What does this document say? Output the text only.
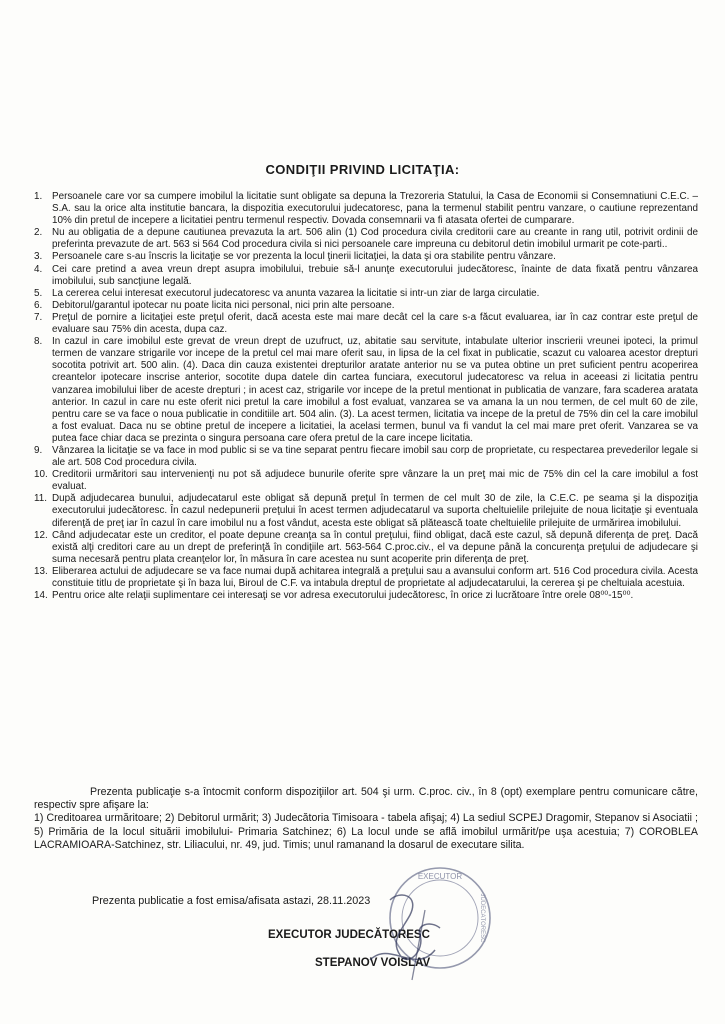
CONDIŢII PRIVIND LICITAŢIA:
1. Persoanele care vor sa cumpere imobilul la licitatie sunt obligate sa depuna la Trezoreria Statului, la Casa de Economii si Consemnatiuni C.E.C. – S.A. sau la orice alta institutie bancara, la dispozitia executorului judecatoresc, pana la termenul stabilit pentru vanzare, o cautiune reprezentand 10% din pretul de incepere a licitatiei pentru termenul respectiv. Dovada consemnarii va fi atasata ofertei de cumparare.
2. Nu au obligatia de a depune cautiunea prevazuta la art. 506 alin (1) Cod procedura civila creditorii care au creante in rang util, potrivit ordinii de preferinta prevazute de art. 563 si 564 Cod procedura civila si nici persoanele care impreuna cu debitorul detin imobilul urmarit pe cote-parti..
3. Persoanele care s-au înscris la licitaţie se vor prezenta la locul ţinerii licitaţiei, la data şi ora stabilite pentru vânzare.
4. Cei care pretind a avea vreun drept asupra imobilului, trebuie să-l anunţe executorului judecătoresc, înainte de data fixată pentru vânzarea imobilului, sub sancţiune legală.
5. La cererea celui interesat executorul judecatoresc va anunta vazarea la licitatie si intr-un ziar de larga circulatie.
6. Debitorul/garantul ipotecar nu poate licita nici personal, nici prin alte persoane.
7. Preţul de pornire a licitaţiei este preţul oferit, dacă acesta este mai mare decât cel la care s-a făcut evaluarea, iar în caz contrar este preţul de evaluare sau 75% din acesta, dupa caz.
8. In cazul in care imobilul este grevat de vreun drept de uzufruct, uz, abitatie sau servitute, intabulate ulterior inscrierii vreunei ipoteci, la primul termen de vanzare strigarile vor incepe de la pretul cel mai mare oferit sau, in lipsa de la cel fixat in publicatie, scazut cu valoarea acestor drepturi socotita potrivit art. 500 alin. (4). Daca din cauza existentei drepturilor aratate anterior nu se va putea obtine un pret suficient pentru acoperirea creantelor ipotecare inscrise anterior, socotite dupa datele din cartea funciara, executorul judecatoresc va relua in aceeasi zi licitatia pentru vanzarea imobilului liber de aceste drepturi ; in acest caz, strigarile vor incepe de la pretul mentionat in publicatia de vanzare, fara scaderea aratata anterior. In cazul in care nu este oferit nici pretul la care imobilul a fost evaluat, vanzarea se va amana la un nou termen, de cel mult 60 de zile, pentru care se va face o noua publicatie in conditiile art. 504 alin. (3). La acest termen, licitatia va incepe de la pretul de 75% din cel la care imobilul a fost evaluat. Daca nu se obtine pretul de incepere a licitatiei, la acelasi termen, bunul va fi vandut la cel mai mare pret oferit. Vanzarea se va putea face chiar daca se prezinta o singura persoana care ofera pretul de la care incepe licitatia.
9. Vânzarea la licitaţie se va face in mod public si se va tine separat pentru fiecare imobil sau corp de proprietate, cu respectarea prevederilor legale si ale art. 508 Cod procedura civila.
10. Creditorii urmăritori sau intervenienţi nu pot să adjudece bunurile oferite spre vânzare la un preţ mai mic de 75% din cel la care imobilul a fost evaluat.
11. După adjudecarea bunului, adjudecatarul este obligat să depună preţul în termen de cel mult 30 de zile, la C.E.C. pe seama şi la dispoziţia executorului judecătoresc. În cazul nedepunerii preţului în acest termen adjudecatarul va suporta cheltuielile prilejuite de noua licitaţie şi eventuala diferenţă de preţ iar în cazul în care imobilul nu a fost vândut, acesta este obligat să plătească toate cheltuielile prilejuite de urmărirea imobilului.
12. Când adjudecatar este un creditor, el poate depune creanţa sa în contul preţului, fiind obligat, dacă este cazul, să depună diferenţa de preţ. Dacă există alţi creditori care au un drept de preferinţă în condiţiile art. 563-564 C.proc.civ., el va depune până la concurenţa preţului de adjudecare şi suma necesară pentru plata creanţelor lor, în măsura în care acestea nu sunt acoperite prin diferenţa de preţ.
13. Eliberarea actului de adjudecare se va face numai după achitarea integrală a preţului sau a avansului conform art. 516 Cod procedura civila. Acesta constituie titlu de proprietate şi în baza lui, Biroul de C.F. va intabula dreptul de proprietate al adjudecatarului, la cererea şi pe cheltuiala acestuia.
14. Pentru orice alte relaţii suplimentare cei interesaţi se vor adresa executorului judecătoresc, în orice zi lucrătoare între orele 08⁰⁰-15⁰⁰.

Prezenta publicaţie s-a întocmit conform dispoziţiilor art. 504 şi urm. C.proc. civ., în 8 (opt) exemplare pentru comunicare către, respectiv spre afişare la:

1) Creditoarea urmăritoare; 2) Debitorul urmărit; 3) Judecătoria Timisoara - tabela afişaj; 4) La sediul SCPEJ Dragomir, Stepanov si Asociatii ; 5) Primăria de la locul situării imobilului- Primaria Satchinez; 6) La locul unde se află imobilul urmărit/pe uşa acestuia; 7) COROBLEA LACRAMIOARA-Satchinez, str. Liliacului, nr. 49, jud. Timis; unul ramanand la dosarul de executare silita.

Prezenta publicatie a fost emisa/afisata astazi, 28.11.2023
EXECUTOR
JUDECĂTORESC
EXECUTOR JUDECĂTORESC
STEPANOV VOISLAV
